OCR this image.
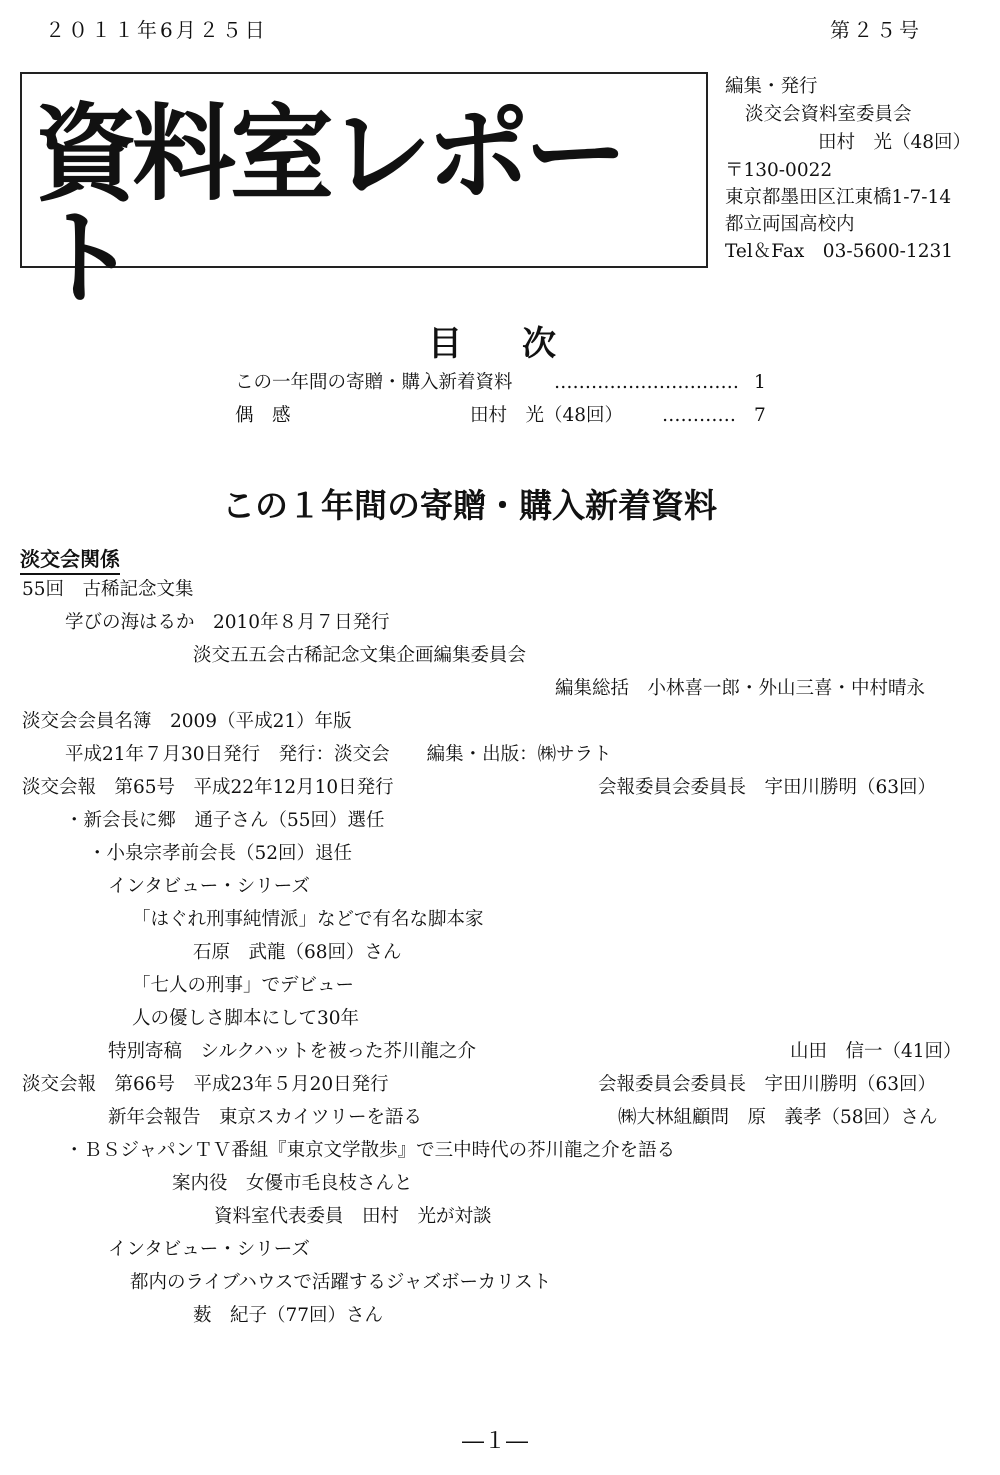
２０１１年6月２５日	第２５号
資料室レポート
編集・発行
淡交会資料室委員会
田村　光（48回）
〒130-0022
東京都墨田区江東橋1-7-14
都立両国高校内
Tel＆Fax　03-5600-1231
目次
この一年間の寄贈・購入新着資料 ………………………… 1
偶　感	田村　光（48回） ………… 7
この１年間の寄贈・購入新着資料
淡交会関係
55回　古稀記念文集
学びの海はるか　2010年８月７日発行
淡交五五会古稀記念文集企画編集委員会
編集総括　小林喜一郎・外山三喜・中村晴永
淡交会会員名簿　2009（平成21）年版
平成21年７月30日発行　発行：淡交会　　編集・出版：㈱サラト
淡交会報　第65号　平成22年12月10日発行	会報委員会委員長　宇田川勝明（63回）
・新会長に郷　通子さん（55回）選任
・小泉宗孝前会長（52回）退任
インタビュー・シリーズ
「はぐれ刑事純情派」などで有名な脚本家
石原　武龍（68回）さん
「七人の刑事」でデビュー
人の優しさ脚本にして30年
特別寄稿　シルクハットを被った芥川龍之介	山田　信一（41回）
淡交会報　第66号　平成23年５月20日発行	会報委員会委員長　宇田川勝明（63回）
新年会報告　東京スカイツリーを語る	㈱大林組顧問　原　義孝（58回）さん
・ＢＳジャパンＴＶ番組『東京文学散歩』で三中時代の芥川龍之介を語る
案内役　女優市毛良枝さんと
資料室代表委員　田村　光が対談
インタビュー・シリーズ
都内のライブハウスで活躍するジャズボーカリスト
薮　紀子（77回）さん
―１―
